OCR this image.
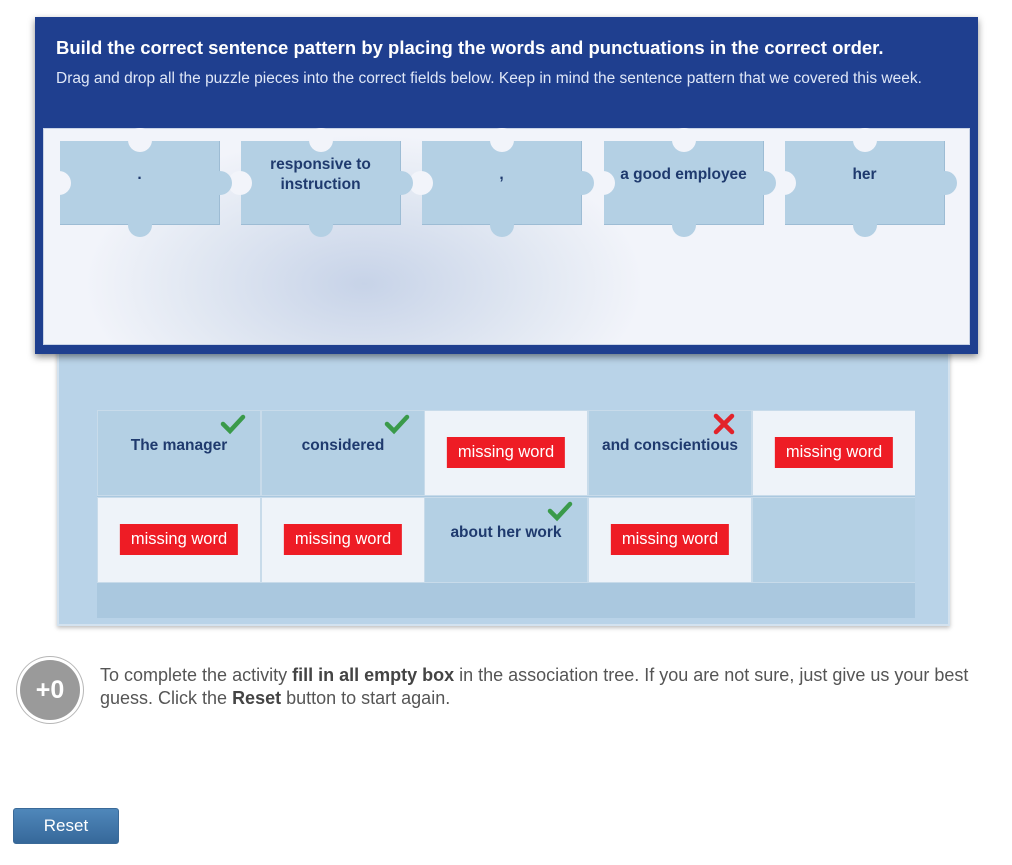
Build the correct sentence pattern by placing the words and punctuations in the correct order.
Drag and drop all the puzzle pieces into the correct fields below. Keep in mind the sentence pattern that we covered this week.
.
responsive to instruction
,	a good employee	her
The manager	considered	missing word	and conscientious	missing word
missing word	missing word	about her work	missing word
+0
To complete the activity fill in all empty box in the association tree. If you are not sure, just give us your best guess. Click the Reset button to start again.
Reset
